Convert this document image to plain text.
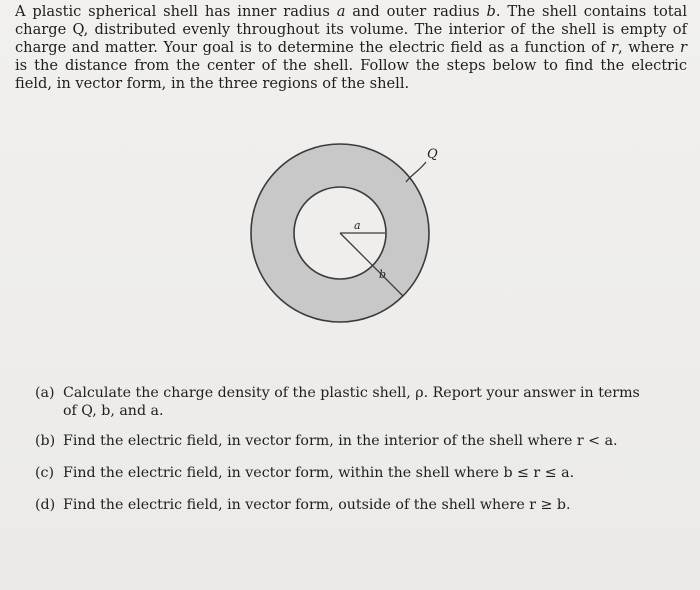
A plastic spherical shell has inner radius a and outer radius b. The shell contains total charge Q, distributed evenly throughout its volume. The interior of the shell is empty of charge and matter. Your goal is to determine the electric field as a function of r, where r is the distance from the center of the shell. Follow the steps below to find the electric field, in vector form, in the three regions of the shell.

a
b
Q
(a) Calculate the charge density of the plastic shell, ρ. Report your answer in terms of Q, b, and a.
(b) Find the electric field, in vector form, in the interior of the shell where r < a.
(c) Find the electric field, in vector form, within the shell where b ≤ r ≤ a.
(d) Find the electric field, in vector form, outside of the shell where r ≥ b.
